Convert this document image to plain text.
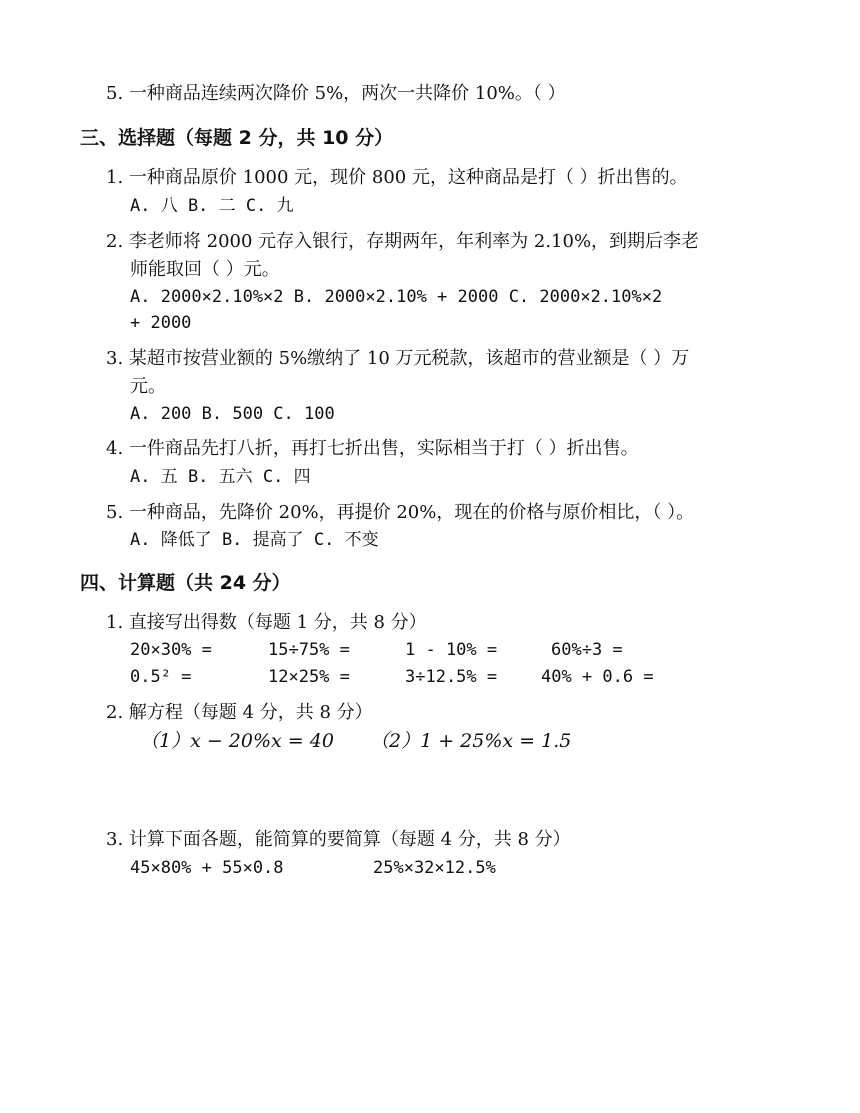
5. 一种商品连续两次降价 5%，两次一共降价 10%。（ ）
三、选择题（每题 2 分，共 10 分）
1. 一种商品原价 1000 元，现价 800 元，这种商品是打（ ）折出售的。
A. 八 B. 二 C. 九
2. 李老师将 2000 元存入银行，存期两年，年利率为 2.10%，到期后李老
师能取回（ ）元。
A. 2000×2.10%×2 B. 2000×2.10% + 2000 C. 2000×2.10%×2
+ 2000
3. 某超市按营业额的 5%缴纳了 10 万元税款，该超市的营业额是（ ）万
元。
A. 200 B. 500 C. 100
4. 一件商品先打八折，再打七折出售，实际相当于打（ ）折出售。
A. 五 B. 五六 C. 四
5. 一种商品，先降价 20%，再提价 20%，现在的价格与原价相比，（ ）。
A. 降低了 B. 提高了 C. 不变
四、计算题（共 24 分）
1. 直接写出得数（每题 1 分，共 8 分）
20×30% =	15÷75% =	1 - 10% =	60%÷3 =
0.5² =	12×25% =	3÷12.5% =	40% + 0.6 =
2. 解方程（每题 4 分，共 8 分）
（1）x − 20%x = 40 （2）1 + 25%x = 1.5
3. 计算下面各题，能简算的要简算（每题 4 分，共 8 分）
45×80% + 55×0.8	25%×32×12.5%
